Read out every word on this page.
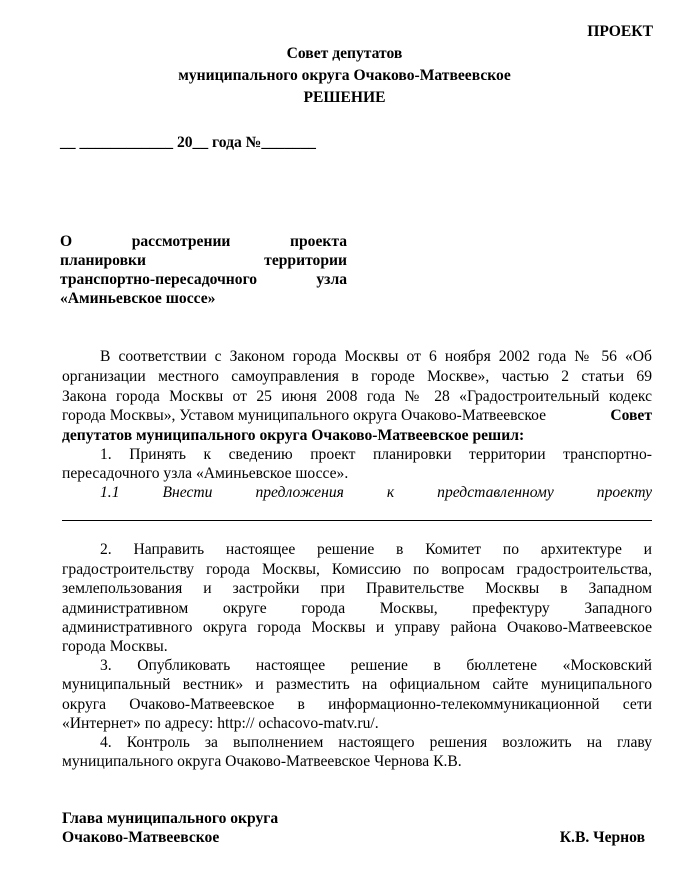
ПРОЕКТ
Совет депутатов
муниципального округа Очаково-Матвеевское
РЕШЕНИЕ
__ ____________ 20__ года №_______
О рассмотрении проекта
планировки территории
транспортно-пересадочного узла
«Аминьевское шоссе»
В соответствии с Законом города Москвы от 6 ноября 2002 года № 56 «Об
организации местного самоуправления в городе Москве», частью 2 статьи 69
Закона города Москвы от 25 июня 2008 года № 28 «Градостроительный кодекс
города Москвы», Уставом муниципального округа Очаково-Матвеевское	Совет
депутатов муниципального округа Очаково-Матвеевское решил:
1. Принять к сведению проект планировки территории транспортно-
пересадочного узла «Аминьевское шоссе».
1.1 Внести предложения к представленному проекту
2. Направить настоящее решение в Комитет по архитектуре и
градостроительству города Москвы, Комиссию по вопросам градостроительства,
землепользования и застройки при Правительстве Москвы в Западном
административном округе города Москвы, префектуру Западного
административного округа города Москвы и управу района Очаково-Матвеевское
города Москвы.
3. Опубликовать настоящее решение в бюллетене «Московский
муниципальный вестник» и разместить на официальном сайте муниципального
округа Очаково-Матвеевское в информационно-телекоммуникационной сети
«Интернет» по адресу: http:// ochacovo-matv.ru/.
4. Контроль за выполнением настоящего решения возложить на главу
муниципального округа Очаково-Матвеевское Чернова К.В.
Глава муниципального округа
Очаково-Матвеевское	К.В. Чернов
